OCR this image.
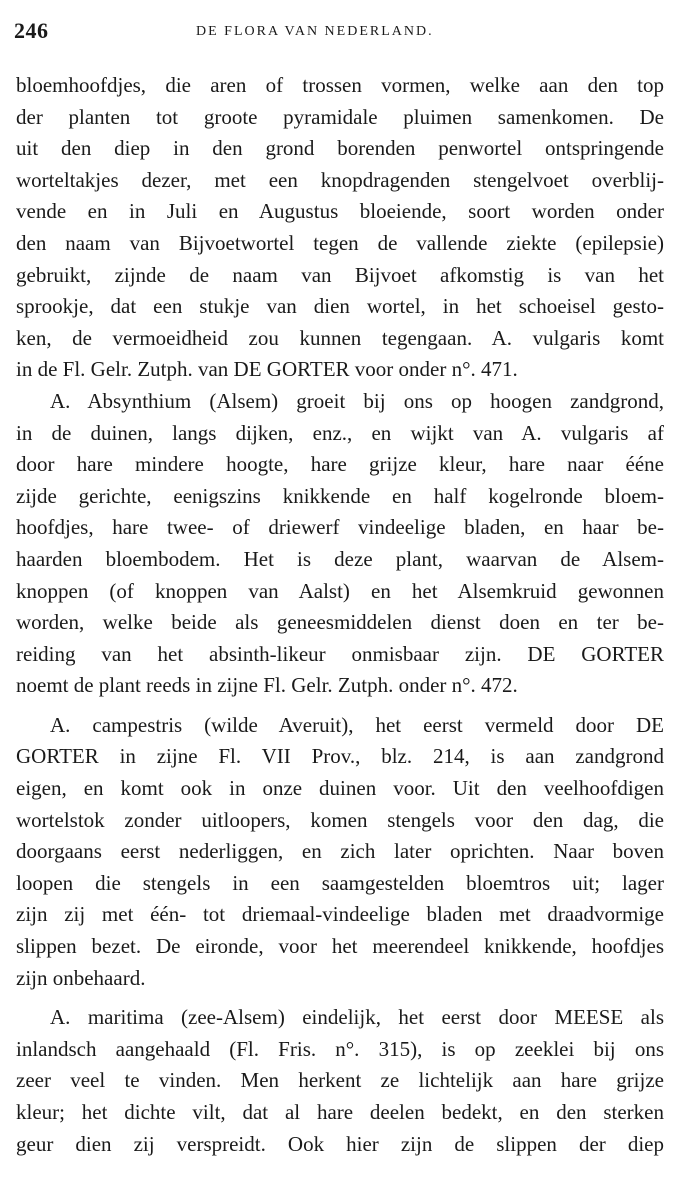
246	DE FLORA VAN NEDERLAND.
bloemhoofdjes, die aren of trossen vormen, welke aan den top
der planten tot groote pyramidale pluimen samenkomen. De
uit den diep in den grond borenden penwortel ontspringende
worteltakjes dezer, met een knopdragenden stengelvoet overblij-
vende en in Juli en Augustus bloeiende, soort worden onder
den naam van Bijvoetwortel tegen de vallende ziekte (epilepsie)
gebruikt, zijnde de naam van Bijvoet afkomstig is van het
sprookje, dat een stukje van dien wortel, in het schoeisel gesto-
ken, de vermoeidheid zou kunnen tegengaan. A. vulgaris komt
in de Fl. Gelr. Zutph. van DE GORTER voor onder n°. 471.
A. Absynthium (Alsem) groeit bij ons op hoogen zandgrond,
in de duinen, langs dijken, enz., en wijkt van A. vulgaris af
door hare mindere hoogte, hare grijze kleur, hare naar éénе
zijde gerichte, eenigszins knikkende en half kogelronde bloem-
hoofdjes, hare twee- of driewerf vindeelige bladen, en haar be-
haarden bloembodem. Het is deze plant, waarvan de Alsem-
knoppen (of knoppen van Aalst) en het Alsemkruid gewonnen
worden, welke beide als geneesmiddelen dienst doen en ter be-
reiding van het absinth-likeur onmisbaar zijn. DE GORTER
noemt de plant reeds in zijne Fl. Gelr. Zutph. onder n°. 472.
A. campestris (wilde Averuit), het eerst vermeld door DE
GORTER in zijne Fl. VII Prov., blz. 214, is aan zandgrond
eigen, en komt ook in onze duinen voor. Uit den veelhoofdigen
wortelstok zonder uitloopers, komen stengels voor den dag, die
doorgaans eerst nederliggen, en zich later oprichten. Naar boven
loopen die stengels in een saamgestelden bloemtros uit; lager
zijn zij met één- tot driemaal-vindeelige bladen met draadvormige
slippen bezet. De eironde, voor het meerendeel knikkende, hoofdjes
zijn onbehaard.
A. maritima (zee-Alsem) eindelijk, het eerst door MEESE als
inlandsch aangehaald (Fl. Fris. n°. 315), is op zeeklei bij ons
zeer veel te vinden. Men herkent ze lichtelijk aan hare grijze
kleur; het dichte vilt, dat al hare deelen bedekt, en den sterken
geur dien zij verspreidt. Ook hier zijn de slippen der diep
